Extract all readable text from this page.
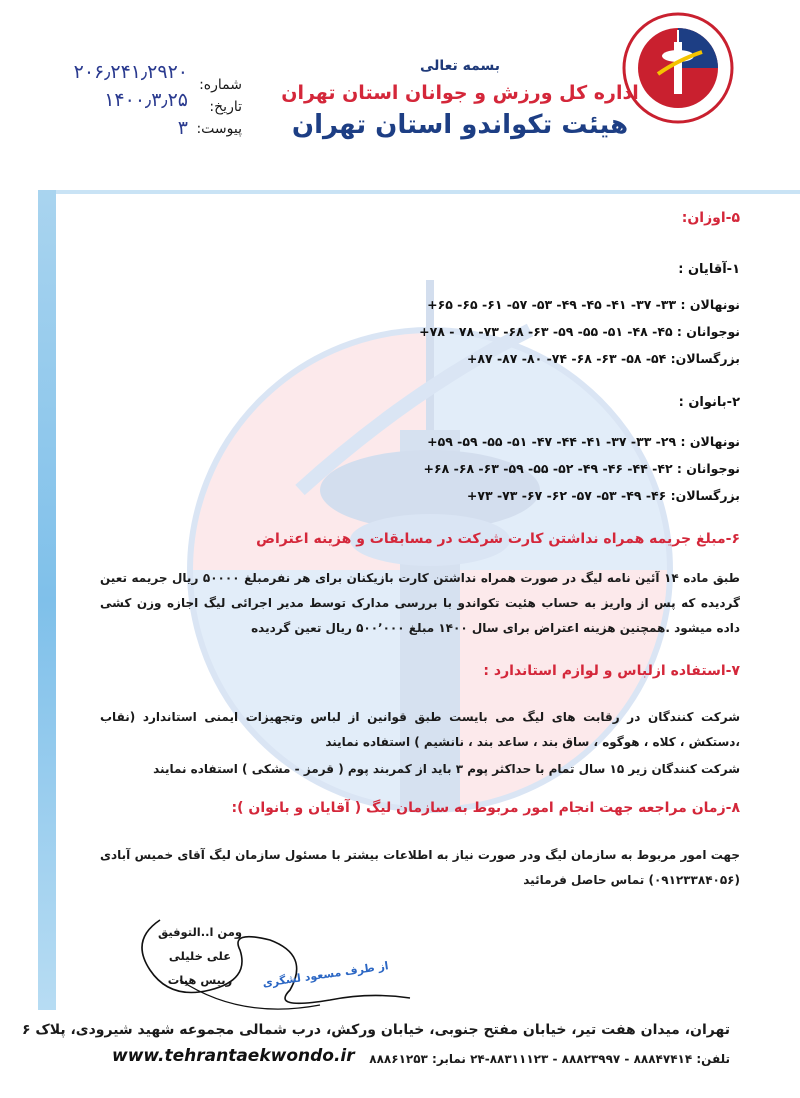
بسمه تعالی
اداره کل ورزش و جوانان استان تهران
هیئت تکواندو استان تهران
شماره:
تاریخ:
پیوست:
۲۰۶٫۲۴۱٫۲۹۲۰
۱۴۰۰٫۳٫۲۵
۳
۵-اوزان:
۱-آقایان :
نونهالان : ۳۳- ۳۷- ۴۱- ۴۵- ۴۹- ۵۳- ۵۷- ۶۱- ۶۵- ۶۵+
نوجوانان : ۴۵- ۴۸- ۵۱- ۵۵- ۵۹- ۶۳- ۶۸- ۷۳- ۷۸ - ۷۸+
بزرگسالان: ۵۴- ۵۸- ۶۳- ۶۸- ۷۴- ۸۰- ۸۷- ۸۷+
۲-بانوان :
نونهالان : ۲۹- ۳۳- ۳۷- ۴۱- ۴۴- ۴۷- ۵۱- ۵۵- ۵۹- ۵۹+
نوجوانان : ۴۲- ۴۴- ۴۶- ۴۹- ۵۲- ۵۵- ۵۹- ۶۳- ۶۸- ۶۸+
بزرگسالان: ۴۶- ۴۹- ۵۳- ۵۷- ۶۲- ۶۷- ۷۳- ۷۳+
۶-مبلغ جریمه همراه نداشتن کارت شرکت در مسابقات و هزینه اعتراض
طبق ماده ۱۴ آئین نامه لیگ در صورت همراه نداشتن کارت بازیکنان برای هر نفرمبلغ ۵۰۰۰۰ ریال جریمه تعین گردیده که پس از واریز به حساب هئیت تکواندو با بررسی مدارک توسط مدیر اجرائی لیگ اجازه وزن کشی داده میشود .همچنین هزینه اعتراض برای سال ۱۴۰۰ مبلغ ۵۰۰٬۰۰۰ ریال تعین گردیده
۷-استفاده ازلباس و لوازم استاندارد :
شرکت کنندگان در رقابت های لیگ می بایست طبق قوانین از لباس وتجهیزات ایمنی استاندارد (نقاب ،دستکش ، کلاه ، هوگوه ، ساق بند ، ساعد بند ، نانشیم ) استفاده نمایند
شرکت کنندگان زیر ۱۵ سال تمام با حداکثر پوم ۳ باید از کمربند پوم ( قرمز - مشکی ) استفاده نمایند
۸-زمان مراجعه جهت انجام امور مربوط به سازمان لیگ ( آقایان و بانوان ):
جهت امور مربوط به سازمان لیگ ودر صورت نیاز به اطلاعات بیشتر با مسئول سازمان لیگ آقای خمیس آبادی (۰۹۱۲۳۳۸۴۰۵۶) تماس حاصل فرمائید
ومن ا..التوفیق
علی خلیلی
رییس هیات	از طرف مسعود لشگری
تهران، میدان هفت تیر، خیابان مفتح جنوبی، خیابان ورکش، درب شمالی مجموعه شهید شیرودی، پلاک ۶
تلفن: ۸۸۸۴۷۴۱۴ - ۸۸۸۲۳۹۹۷ - ۸۸۳۱۱۱۲۳-۲۴ نمابر: ۸۸۸۶۱۲۵۳
www.tehrantaekwondo.ir
